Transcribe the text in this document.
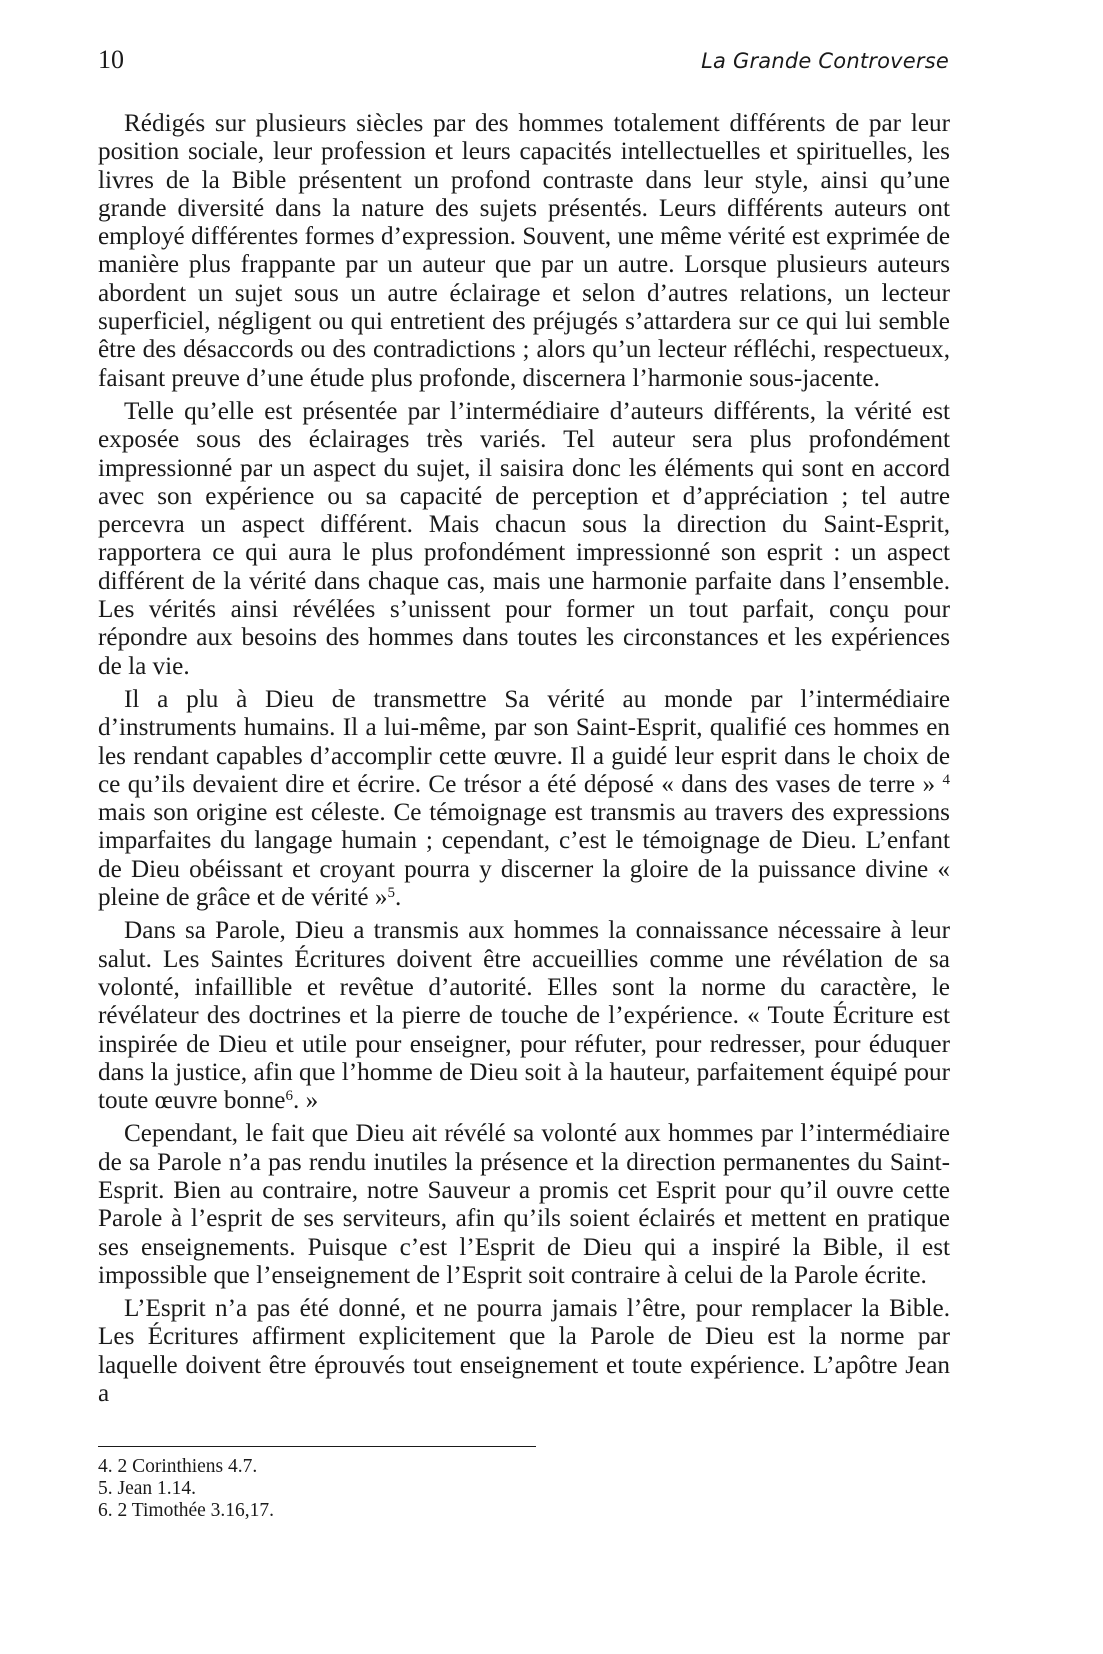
10	La Grande Controverse

Rédigés sur plusieurs siècles par des hommes totalement différents de par leur position sociale, leur profession et leurs capacités intellectuelles et spirituelles, les livres de la Bible présentent un profond contraste dans leur style, ainsi qu’une grande diversité dans la nature des sujets présentés. Leurs différents auteurs ont employé différentes formes d’expression. Souvent, une même vérité est exprimée de manière plus frappante par un auteur que par un autre. Lorsque plusieurs auteurs abordent un sujet sous un autre éclairage et selon d’autres relations, un lecteur superficiel, négligent ou qui entretient des préjugés s’attardera sur ce qui lui semble être des désaccords ou des contradictions ; alors qu’un lecteur réfléchi, respectueux, faisant preuve d’une étude plus profonde, discernera l’harmonie sous-jacente.

Telle qu’elle est présentée par l’intermédiaire d’auteurs différents, la vérité est exposée sous des éclairages très variés. Tel auteur sera plus profondément impressionné par un aspect du sujet, il saisira donc les éléments qui sont en accord avec son expérience ou sa capacité de perception et d’appréciation ; tel autre percevra un aspect différent. Mais chacun sous la direction du Saint-Esprit, rapportera ce qui aura le plus profondément impressionné son esprit : un aspect différent de la vérité dans chaque cas, mais une harmonie parfaite dans l’ensemble. Les vérités ainsi révélées s’unissent pour former un tout parfait, conçu pour répondre aux besoins des hommes dans toutes les circonstances et les expériences de la vie.

Il a plu à Dieu de transmettre Sa vérité au monde par l’intermédiaire d’instruments humains. Il a lui-même, par son Saint-Esprit, qualifié ces hommes en les rendant capables d’accomplir cette œuvre. Il a guidé leur esprit dans le choix de ce qu’ils devaient dire et écrire. Ce trésor a été déposé « dans des vases de terre » $^4$ mais son origine est céleste. Ce témoignage est transmis au travers des expressions imparfaites du langage humain ; cependant, c’est le témoignage de Dieu. L’enfant de Dieu obéissant et croyant pourra y discerner la gloire de la puissance divine « pleine de grâce et de vérité »$^5$.

Dans sa Parole, Dieu a transmis aux hommes la connaissance nécessaire à leur salut. Les Saintes Écritures doivent être accueillies comme une révélation de sa volonté, infaillible et revêtue d’autorité. Elles sont la norme du caractère, le révélateur des doctrines et la pierre de touche de l’expérience. « Toute Écriture est inspirée de Dieu et utile pour enseigner, pour réfuter, pour redresser, pour éduquer dans la justice, afin que l’homme de Dieu soit à la hauteur, parfaitement équipé pour toute œuvre bonne$^6$. »

Cependant, le fait que Dieu ait révélé sa volonté aux hommes par l’intermédiaire de sa Parole n’a pas rendu inutiles la présence et la direction permanentes du Saint-Esprit. Bien au contraire, notre Sauveur a promis cet Esprit pour qu’il ouvre cette Parole à l’esprit de ses serviteurs, afin qu’ils soient éclairés et mettent en pratique ses enseignements. Puisque c’est l’Esprit de Dieu qui a inspiré la Bible, il est impossible que l’enseignement de l’Esprit soit contraire à celui de la Parole écrite.

L’Esprit n’a pas été donné, et ne pourra jamais l’être, pour remplacer la Bible. Les Écritures affirment explicitement que la Parole de Dieu est la norme par laquelle doivent être éprouvés tout enseignement et toute expérience. L’apôtre Jean a

4. 2 Corinthiens 4.7.
5. Jean 1.14.
6. 2 Timothée 3.16,17.
